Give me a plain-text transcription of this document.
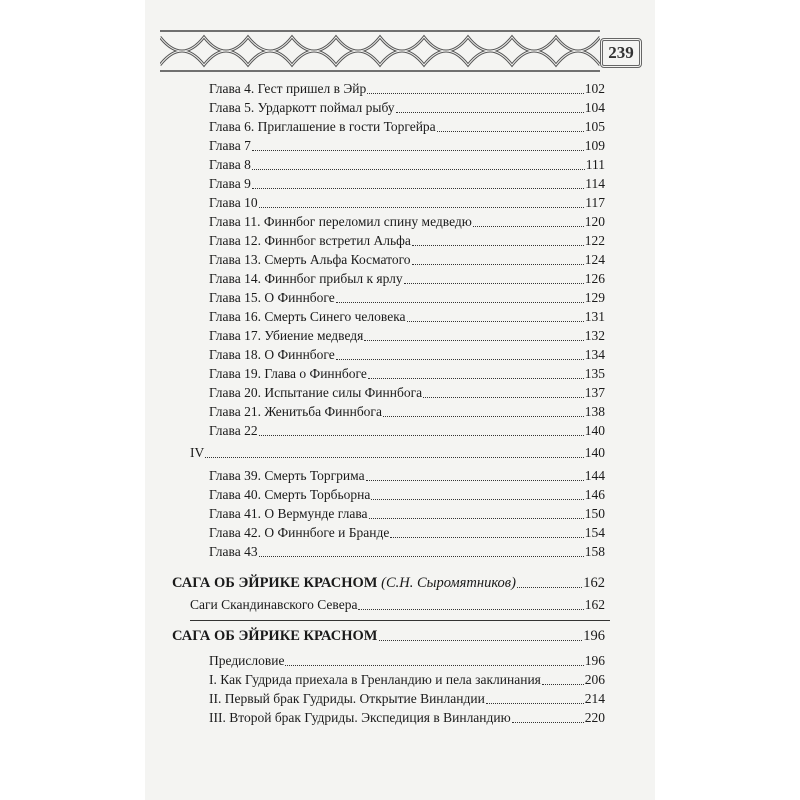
239
Глава 4. Гест пришел в Эйр	102
Глава 5. Урдаркотт поймал рыбу	104
Глава 6. Приглашение в гости Торгейра	105
Глава 7	109
Глава 8	111
Глава 9	114
Глава 10	117
Глава 11. Финнбог переломил спину медведю	120
Глава 12. Финнбог встретил Альфа	122
Глава 13. Смерть Альфа Косматого	124
Глава 14. Финнбог прибыл к ярлу	126
Глава 15. О Финнбоге	129
Глава 16. Смерть Синего человека	131
Глава 17. Убиение медведя	132
Глава 18. О Финнбоге	134
Глава 19. Глава о Финнбоге	135
Глава 20. Испытание силы Финнбога	137
Глава 21. Женитьба Финнбога	138
Глава 22	140
IV	140
Глава 39. Смерть Торгрима	144
Глава 40. Смерть Торбьорна	146
Глава 41. О Вермунде глава	150
Глава 42. О Финнбоге и Бранде	154
Глава 43	158
САГА ОБ ЭЙРИКЕ КРАСНОМ (С.Н. Сыромятников)	162
Саги Скандинавского Севера	162
САГА ОБ ЭЙРИКЕ КРАСНОМ	196
Предисловие	196
I. Как Гудрида приехала в Гренландию и пела заклинания	206
II. Первый брак Гудриды. Открытие Винландии	214
III. Второй брак Гудриды. Экспедиция в Винландию	220
